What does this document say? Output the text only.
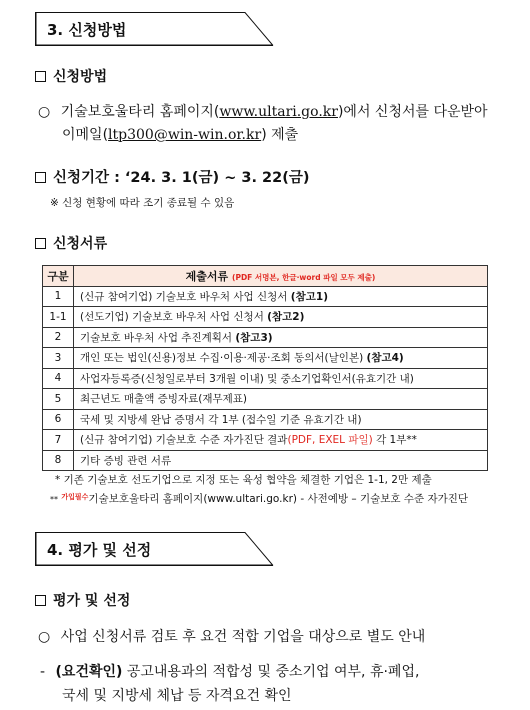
3. 신청방법
신청방법
○ 기술보호울타리 홈페이지(www.ultari.go.kr)에서 신청서를 다운받아
이메일(ltp300@win-win.or.kr) 제출
신청기간 : ‘24. 3. 1(금) ~ 3. 22(금)
※ 신청 현황에 따라 조기 종료될 수 있음
신청서류
구분	제출서류 (PDF 서명본, 한글·word 파일 모두 제출)
1	(신규 참여기업) 기술보호 바우처 사업 신청서 (참고1)
1-1	(선도기업) 기술보호 바우처 사업 신청서 (참고2)
2	기술보호 바우처 사업 추진계획서 (참고3)
3	개인 또는 법인(신용)정보 수집·이용·제공·조회 동의서(날인본) (참고4)
4	사업자등록증(신청일로부터 3개월 이내) 및 중소기업확인서(유효기간 내)
5	최근년도 매출액 증빙자료(재무제표)
6	국세 및 지방세 완납 증명서 각 1부 (접수일 기준 유효기간 내)
7	(신규 참여기업) 기술보호 수준 자가진단 결과(PDF, EXEL 파일) 각 1부**
8	기타 증빙 관련 서류
* 기존 기술보호 선도기업으로 지정 또는 육성 협약을 체결한 기업은 1-1, 2만 제출
** $^{가입필수}$기술보호울타리 홈페이지(www.ultari.go.kr) - 사전예방 – 기술보호 수준 자가진단
4. 평가 및 선정
평가 및 선정
○ 사업 신청서류 검토 후 요건 적합 기업을 대상으로 별도 안내
- (요건확인) 공고내용과의 적합성 및 중소기업 여부, 휴·폐업,
국세 및 지방세 체납 등 자격요건 확인
